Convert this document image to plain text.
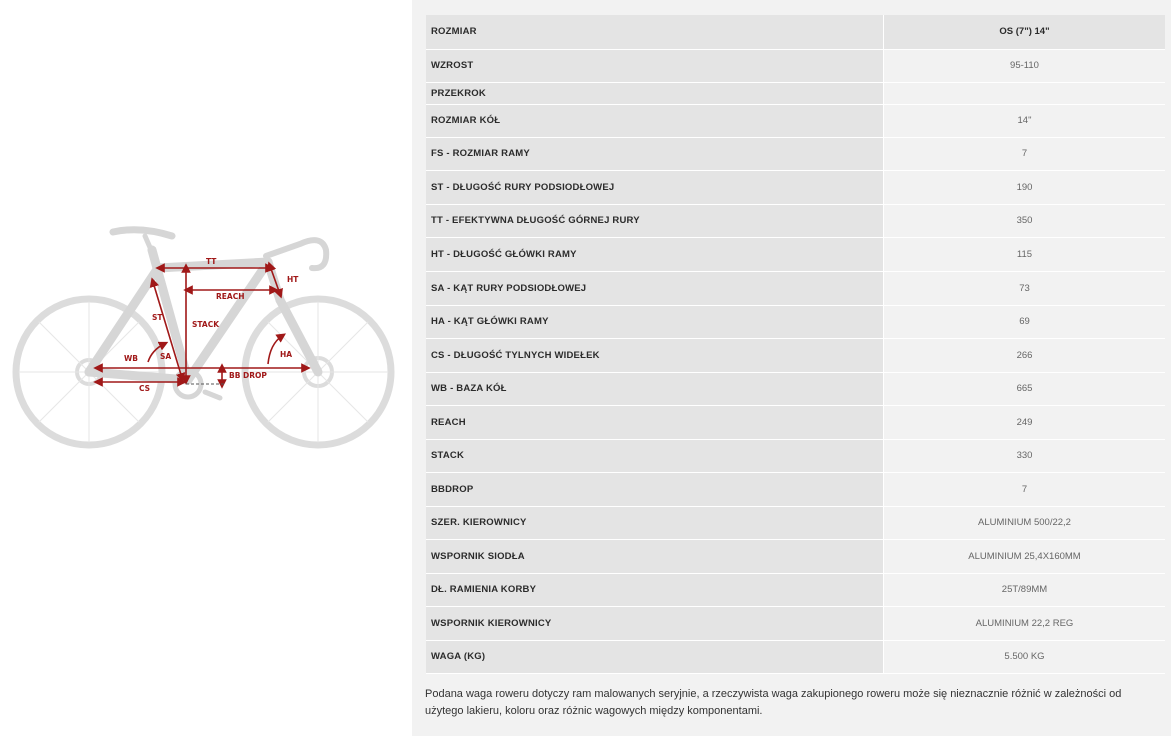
TT
HT
REACH
ST
STACK
WB	SA	HA
BB DROP
CS
ROZMIAR	OS (7") 14"
WZROST	95-110
PRZEKROK	
ROZMIAR KÓŁ	14"
FS - ROZMIAR RAMY	7
ST - DŁUGOŚĆ RURY PODSIODŁOWEJ	190
TT - EFEKTYWNA DŁUGOŚĆ GÓRNEJ RURY	350
HT - DŁUGOŚĆ GŁÓWKI RAMY	115
SA - KĄT RURY PODSIODŁOWEJ	73
HA - KĄT GŁÓWKI RAMY	69
CS - DŁUGOŚĆ TYLNYCH WIDEŁEK	266
WB - BAZA KÓŁ	665
REACH	249
STACK	330
BBDROP	7
SZER. KIEROWNICY	ALUMINIUM 500/22,2
WSPORNIK SIODŁA	ALUMINIUM 25,4X160MM
DŁ. RAMIENIA KORBY	25T/89MM
WSPORNIK KIEROWNICY	ALUMINIUM 22,2 REG
WAGA (KG)	5.500 KG
Podana waga roweru dotyczy ram malowanych seryjnie, a rzeczywista waga zakupionego roweru może się nieznacznie różnić w zależności od użytego lakieru, koloru oraz różnic wagowych między komponentami.
